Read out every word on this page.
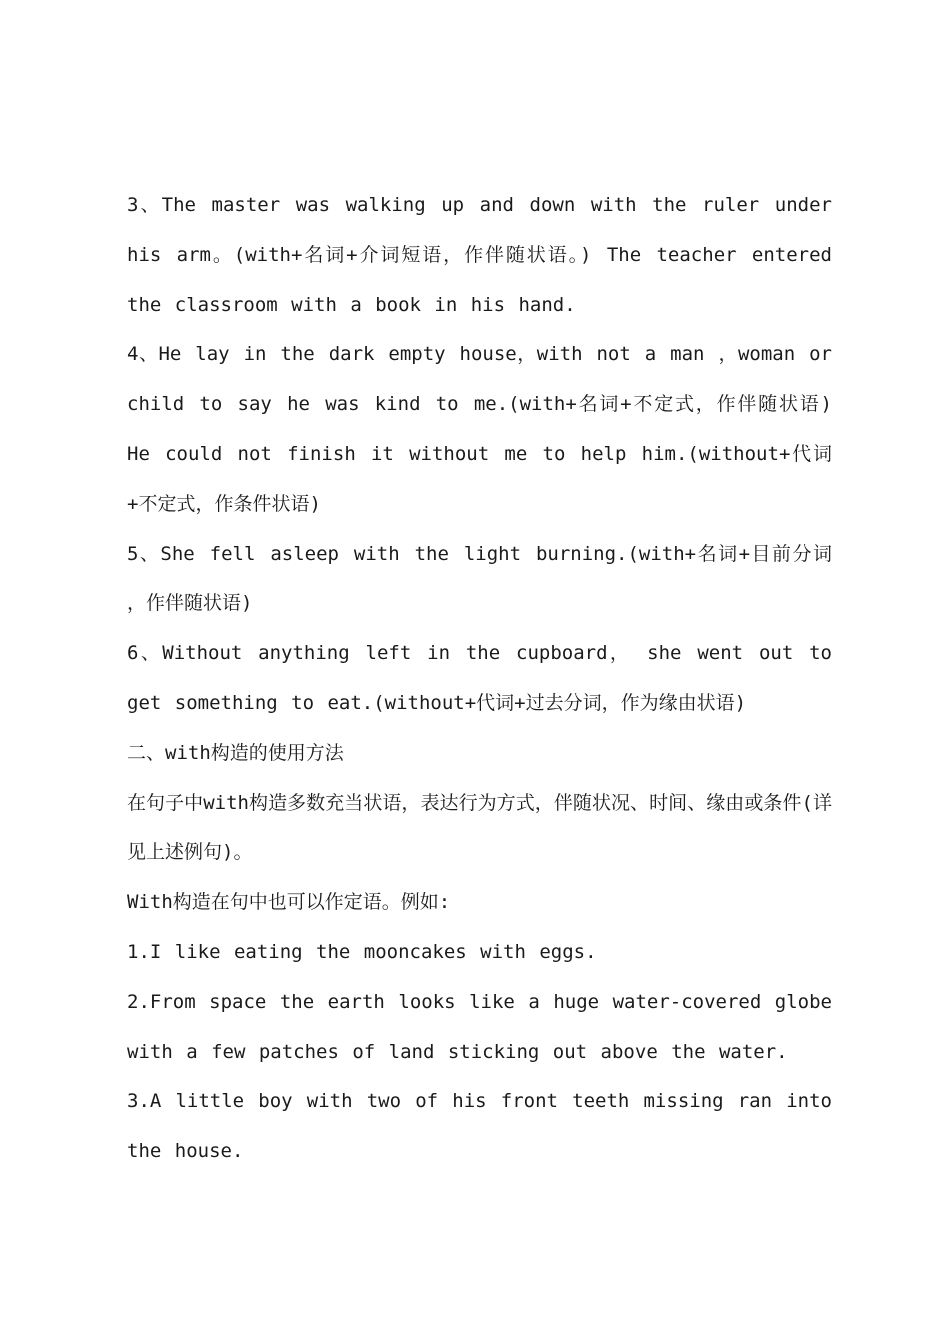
3、The master was walking up and down with the ruler under his arm。(with+名词+介词短语，作伴随状语。) The teacher entered the classroom with a book in his hand.

4、He lay in the dark empty house，with not a man ，woman or child to say he was kind to me.(with+名词+不定式，作伴随状语) He could not finish it without me to help him.(without+代词 +不定式，作条件状语)

5、She fell asleep with the light burning.(with+名词+目前分词 ，作伴随状语)

6、Without anything left in the cupboard， she went out to get something to eat.(without+代词+过去分词，作为缘由状语)

二、with构造的使用方法

在句子中with构造多数充当状语，表达行为方式，伴随状况、时间、缘由或条件(详见上述例句)。

With构造在句中也可以作定语。例如:

1.I like eating the mooncakes with eggs.

2.From space the earth looks like a huge water-covered globe with a few patches of land sticking out above the water.

3.A little boy with two of his front teeth missing ran into the house.
